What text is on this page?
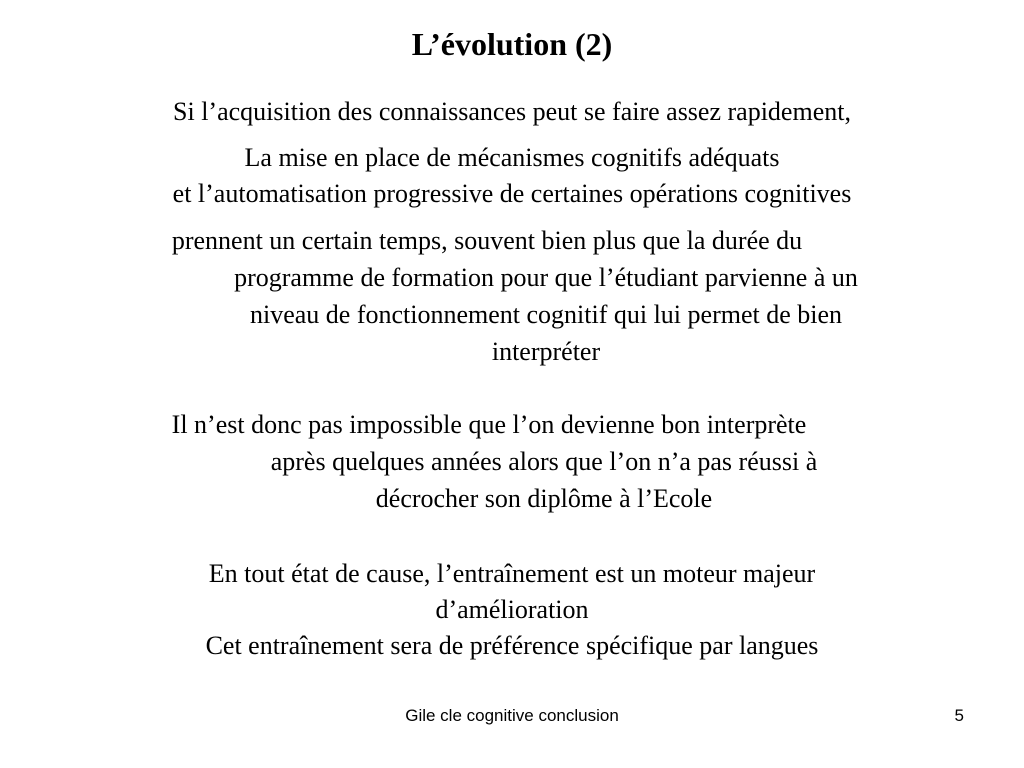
L’évolution (2)
Si l’acquisition des connaissances peut se faire assez rapidement,
La mise en place de mécanismes cognitifs adéquats
et l’automatisation progressive de certaines opérations cognitives
prennent un certain temps, souvent bien plus que la durée du
programme de formation pour que l’étudiant parvienne à un
niveau de fonctionnement cognitif qui lui permet de bien
interpréter
Il n’est donc pas impossible que l’on devienne bon interprète
après quelques années alors que l’on n’a pas réussi à
décrocher son diplôme à l’Ecole
En tout état de cause, l’entraînement est un moteur majeur
d’amélioration
Cet entraînement sera de préférence spécifique par langues
Gile cle cognitive conclusion	5
